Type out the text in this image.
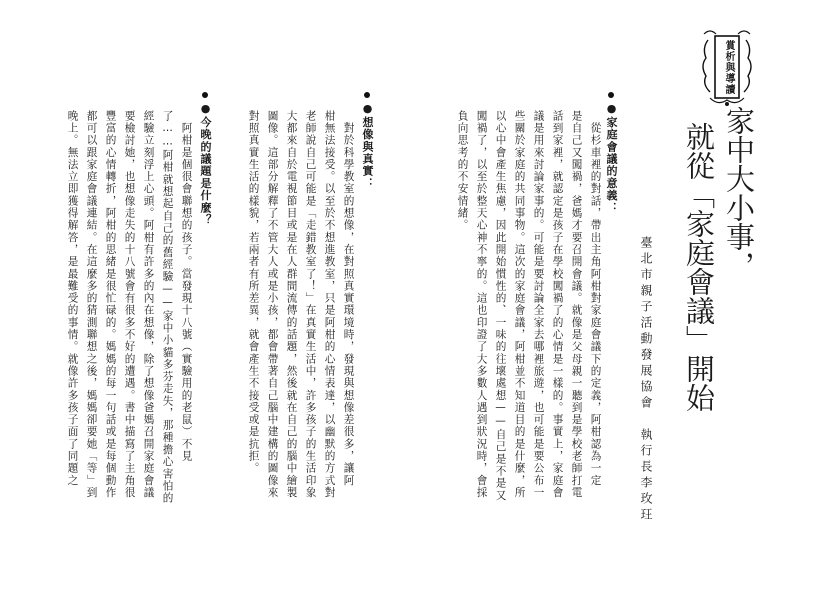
賞析與導讀
家中大小事，
就從「家庭會議」開始
臺北市親子活動發展協會　執行長李玫玨
●家庭會議的意義：
　從杉車裡的對話，帶出主角阿柑對家庭會議下的定義，阿柑認為一定
是自己又闖禍，爸媽才要召開會議。就像是父母親一聽到是學校老師打電
話到家裡，就認定是孩子在學校闖禍了的心情是一樣的。事實上，家庭會
議是用來討論家事的。可能是要討論全家去哪裡旅遊，也可能是要公布一
些關於家庭的共同事物。這次的家庭會議，阿柑並不知道目的是什麼，所
以心中會產生焦慮，因此開始慣性的、一味的往壞處想——自己是不是又
闖禍了，以至於整天心神不寧的。這也印證了大多數人遇到狀況時，會採
負向思考的不安情緒。
●想像與真實：
　對於科學教室的想像，在對照真實環境時，發現與想像差很多，讓阿
柑無法接受。以至於不想進教室，只是阿柑的心情表達，以幽默的方式對
老師說自己可能是「走錯教室了！」在真實生活中，許多孩子的生活印象
大都來自於電視節目或是在人群間流傳的話題，然後就在自己的腦中繪製
圖像。這部分解釋了不管大人或是小孩，都會帶著自己腦中建構的圖像來
對照真實生活的樣貌，若兩者有所差異，就會產生不接受或是抗拒。
●今晚的議題是什麼？
　阿柑是個很會聯想的孩子。當發現十八號（實驗用的老鼠）不見
了……阿柑就想起自己的舊經驗——家中小貓多芬走失，那種擔心害怕的
經驗立刻浮上心頭。阿柑有許多的內在想像，除了想像爸媽召開家庭會議
要檢討她，也想像走失的十八號會有很多不好的遭遇。書中描寫了主角很
豐富的心情轉折，阿柑的思緒是很忙碌的。媽媽的每一句話或是每個動作
都可以跟家庭會議連結。在這麼多的猜測聯想之後，媽媽卻要她「等」到
晚上。無法立即獲得解答，是最難受的事情。就像許多孩子面了同題之
